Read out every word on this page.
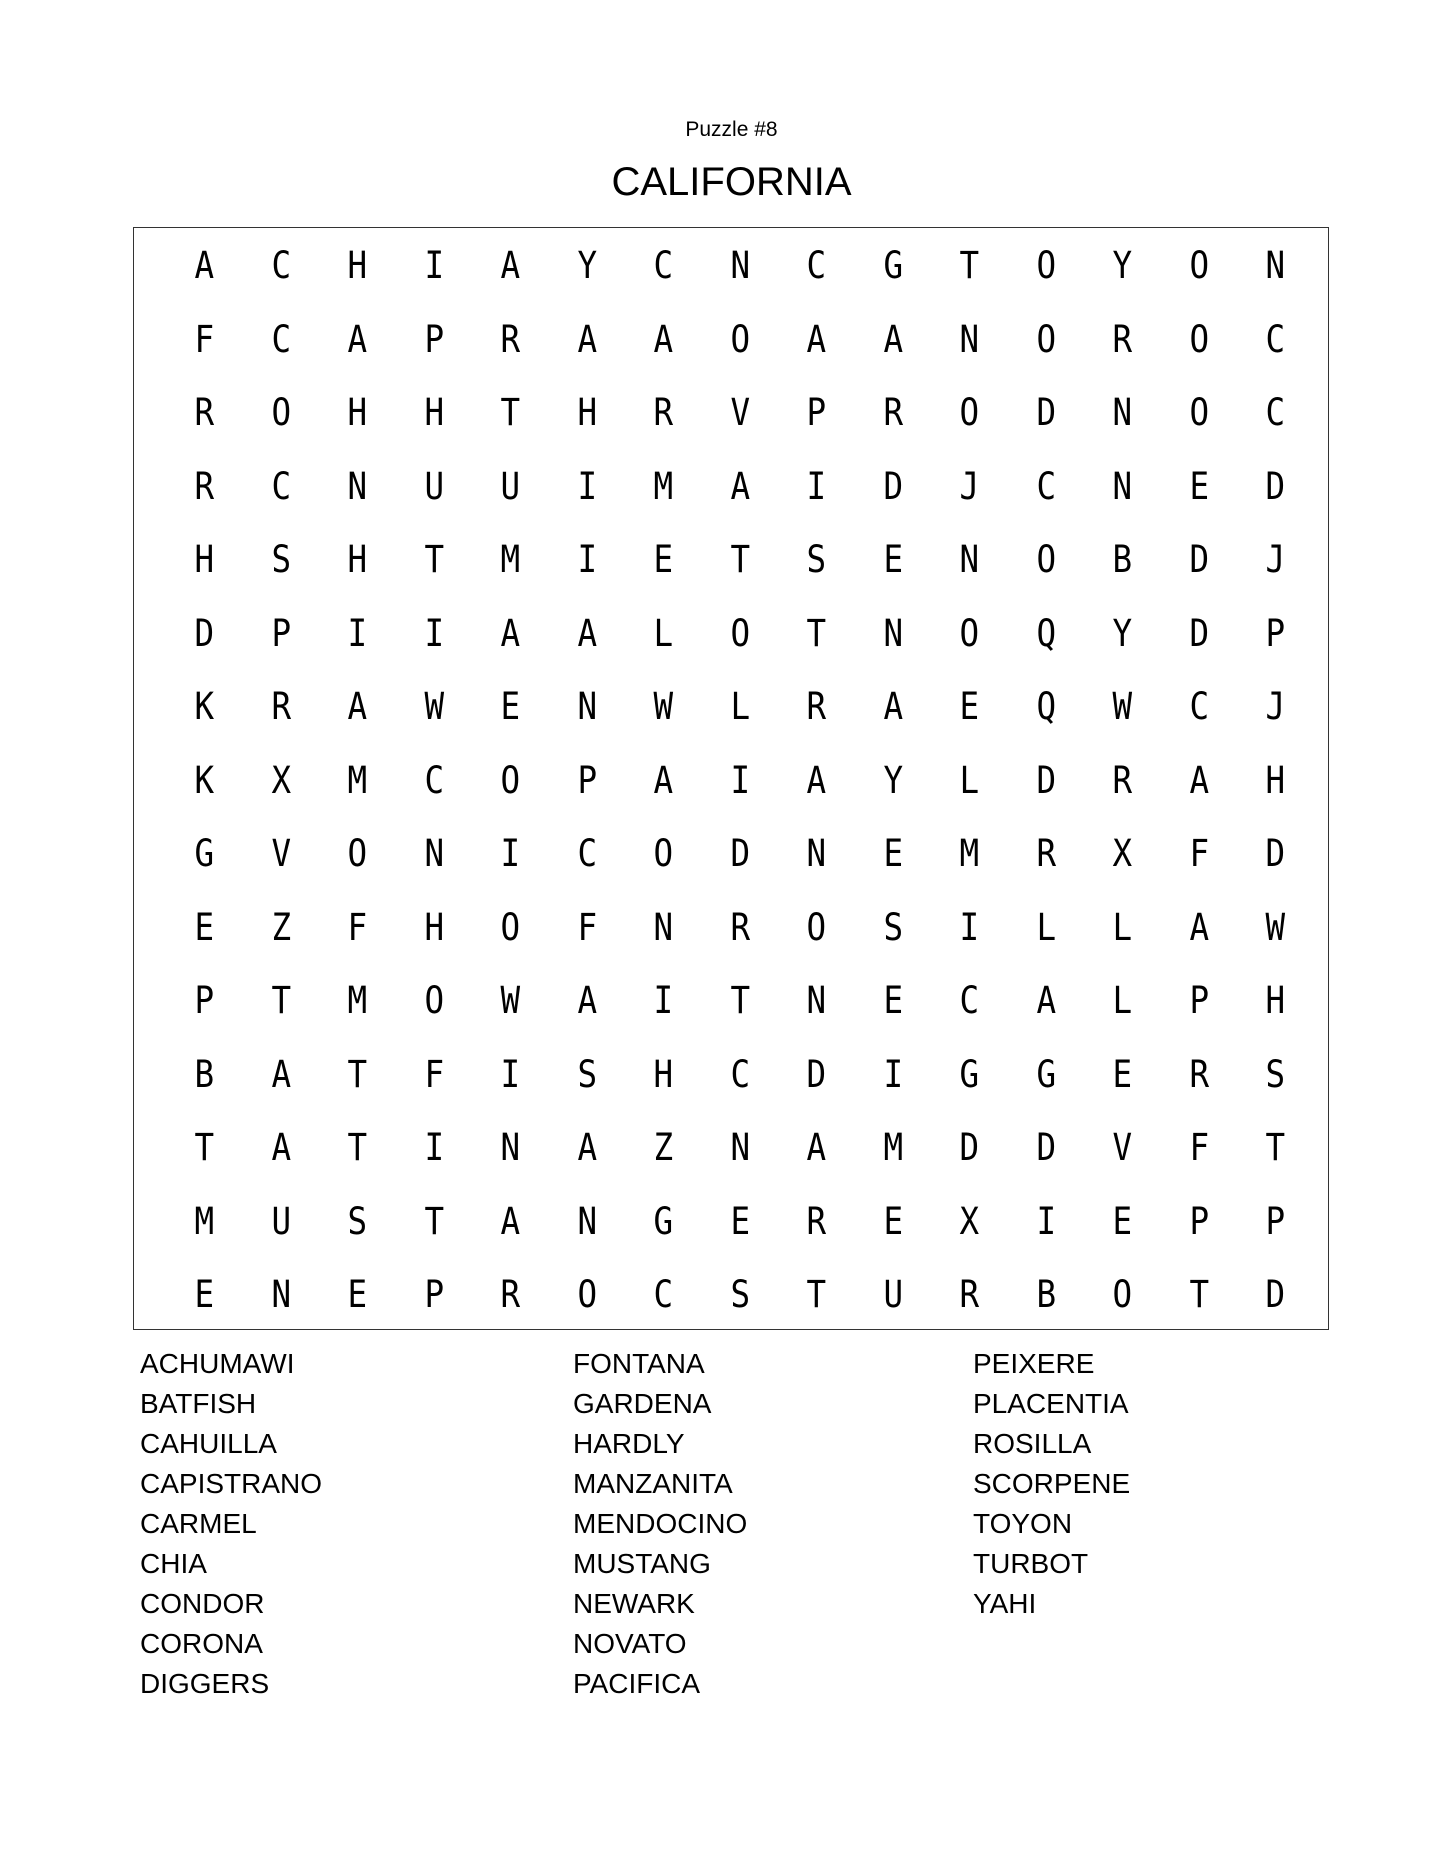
Puzzle #8
CALIFORNIA
A	C	H	I	A	Y	C	N	C	G	T	O	Y	O	N
F	C	A	P	R	A	A	O	A	A	N	O	R	O	C
R	O	H	H	T	H	R	V	P	R	O	D	N	O	C
R	C	N	U	U	I	M	A	I	D	J	C	N	E	D
H	S	H	T	M	I	E	T	S	E	N	O	B	D	J
D	P	I	I	A	A	L	O	T	N	O	Q	Y	D	P
K	R	A	W	E	N	W	L	R	A	E	Q	W	C	J
K	X	M	C	O	P	A	I	A	Y	L	D	R	A	H
G	V	O	N	I	C	O	D	N	E	M	R	X	F	D
E	Z	F	H	O	F	N	R	O	S	I	L	L	A	W
P	T	M	O	W	A	I	T	N	E	C	A	L	P	H
B	A	T	F	I	S	H	C	D	I	G	G	E	R	S
T	A	T	I	N	A	Z	N	A	M	D	D	V	F	T
M	U	S	T	A	N	G	E	R	E	X	I	E	P	P
E	N	E	P	R	O	C	S	T	U	R	B	O	T	D
ACHUMAWI
BATFISH
CAHUILLA
CAPISTRANO
CARMEL
CHIA
CONDOR
CORONA
DIGGERS
FONTANA
GARDENA
HARDLY
MANZANITA
MENDOCINO
MUSTANG
NEWARK
NOVATO
PACIFICA
PEIXERE
PLACENTIA
ROSILLA
SCORPENE
TOYON
TURBOT
YAHI
